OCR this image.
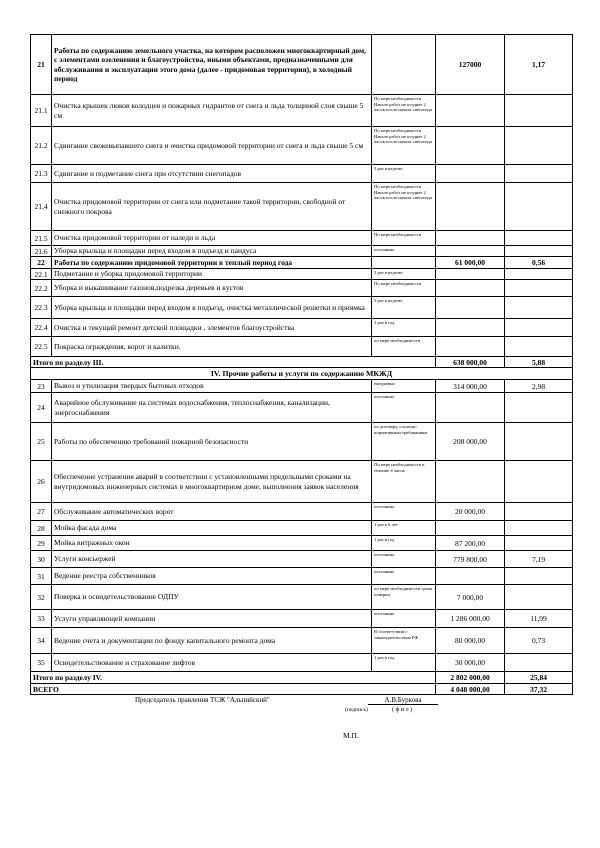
21	Работы по содержанию земельного участка, на котором расположен многоквартирный дом, с элементами озеленения и благоустройства, иными объектами, предназначенными для обслуживания и эксплуатации этого дома (далее - придомовая территория), в холодный период		127000	1,17
21.1	Очистка крышек люков колодцев и пожарных гидрантов от снега и льда толщиной слоя свыше 5 см	По мере необходимости Начало работ не позднее 2 часов после начала снегопада		
21.2	Сдвигание свежевыпавшего снега и очистка придомовой территории от снега и льда свыше 5 см	По мере необходимости Начало работ не позднее 2 часов после начала снегопада		
21.3	Сдвигание и подметание снега при отсутствии снегопадов	5 раз в неделю		
21.4	Очистка придомовой территории от снега или подметание такой территории, свободной от снежного покрова	По мере необходимости Начало работ не позднее 2 часов после начала снегопада		
21.5	Очистка придомовой территории от наледи и льда	По мере необходимости		
21.6	Уборка крыльца и площадки перед входом в подъезд и пандуса	постоянно		
22	Работы по содержанию придомовой территории в теплый период года		61 000,00	0,56
22.1	Подметание и уборка придомовой территории	5 раз в неделю		
22.2	Уборка и выкашивание газонов,подрезка деревьев и кустов	По мере необходимости		
22.3	Уборка крыльца и площадки перед входом в подъезд, очистка металлической решетки и приямка	5 раз в неделю		
22.4	Очистка и текущий ремонт детской площадки , элементов благоустройства	1 раз в год		
22.5	Покраска ограждения, ворот и калитки.	по мере необходимости		
Итого по разделу III.			638 000,00	5,88
IV. Прочие работы и услуги по содержанию МКЖД				
23	Вывоз и утилизация твердых бытовых отходов	ежедневно	314 000,00	2,98
24	Аварийное обслуживание на системах водоснабжения, теплоснабжения, канализации, энергоснабжения	постоянно		
25	Работы по обеспечению требований пожарной безопасности	по договору, согласно нормативным требованиям	208 000,00	
26	Обеспечение устранения аварий в соответствии с установленными предельными сроками на внутридомовых инженерных системах в многоквартирном доме, выполнения заявок населения	По мере необходимости в течение 4 часов		
27	Обслуживание автоматических ворот	постоянно	20 000,00	
28	Мойка фасада дома	1 раз в 6 лет		
29	Мойка витражных окон	1 раз в год	87 200,00	
30	Услуги консьержей	постоянно	779 800,00	7,19
31	Ведение реестра собственников	постоянно		
32	Поверка и освидетельствование ОДПУ	по мере необходимости срока поверки	7 000,00	
33	Услуги управляющей компании	постоянно	1 286 000,00	11,99
34	Ведение счета и документации по фонду капитального ремонта дома	В соответствии с законодательством РФ	80 000,00	0,73
35	Освидетельствование и страхование лифтов	1 раз в год	30 000,00	
Итого по разделу IV.			2 802 000,00	25,84
ВСЕГО			4 048 000,00	37,32
Председатель правления ТСЖ "Альпийский"	А.В.Буркова
(подпись)	( ф и о )
М.П.
